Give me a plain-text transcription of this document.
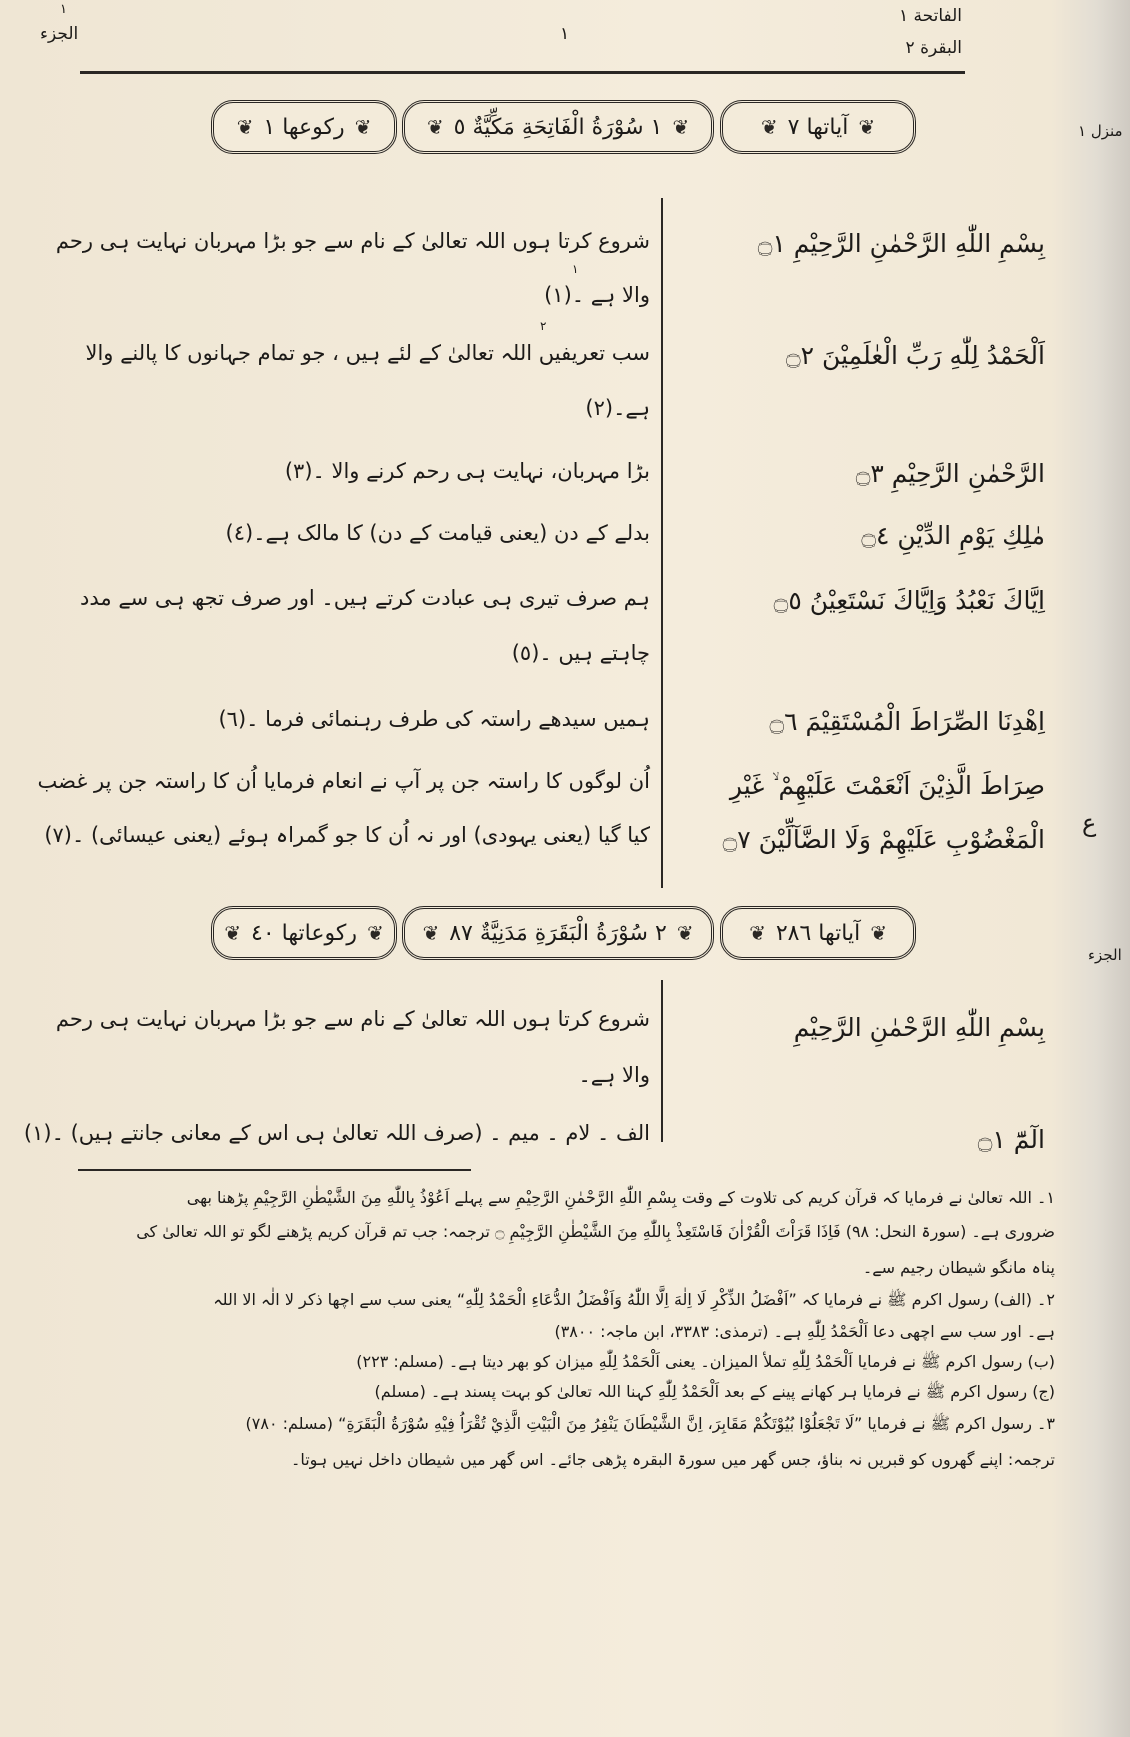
الفاتحة ١
البقرة ٢
١
١
الجزء
منزل ١
ع
الجزء
❦
آیاتها ٧
❦
❦
١ سُوْرَةُ الْفَاتِحَةِ مَكِّيَّةٌ ٥
❦
❦
رکوعها ١
❦
بِسْمِ اللّٰهِ الرَّحْمٰنِ الرَّحِيْمِ ۝١
شروع کرتا ہوں اللہ تعالیٰ کے نام سے جو بڑا مہربان نہایت ہی رحم
١
والا ہے ۔(١)
٢
اَلْحَمْدُ لِلّٰهِ رَبِّ الْعٰلَمِيْنَ ۝٢
سب تعریفیں اللہ تعالیٰ کے لئے ہیں ، جو تمام جہانوں کا پالنے والا
ہے۔(٢)
الرَّحْمٰنِ الرَّحِيْمِ ۝٣
بڑا مہربان، نہایت ہی رحم کرنے والا ۔(٣)
مٰلِكِ يَوْمِ الدِّيْنِ ۝٤
بدلے کے دن (یعنی قیامت کے دن) کا مالک ہے۔(٤)
اِيَّاكَ نَعْبُدُ وَاِيَّاكَ نَسْتَعِيْنُ ۝٥
ہم صرف تیری ہی عبادت کرتے ہیں۔ اور صرف تجھ ہی سے مدد
چاہتے ہیں ۔(٥)
اِهْدِنَا الصِّرَاطَ الْمُسْتَقِيْمَ ۝٦
ہمیں سیدھے راستہ کی طرف رہنمائی فرما ۔(٦)
صِرَاطَ الَّذِيْنَ اَنْعَمْتَ عَلَيْهِمْ ۙ غَيْرِ
الْمَغْضُوْبِ عَلَيْهِمْ وَلَا الضَّآلِّيْنَ ۝٧
اُن لوگوں کا راستہ جن پر آپ نے انعام فرمایا اُن کا راستہ جن پر غضب
کیا گیا (یعنی یہودی) اور نہ اُن کا جو گمراہ ہوئے (یعنی عیسائی) ۔(٧)
❦
آیاتها ٢٨٦
❦
❦
٢ سُوْرَةُ الْبَقَرَةِ مَدَنِيَّةٌ ٨٧
❦
❦
رکوعاتها ٤٠
❦
بِسْمِ اللّٰهِ الرَّحْمٰنِ الرَّحِيْمِ
شروع کرتا ہوں اللہ تعالیٰ کے نام سے جو بڑا مہربان نہایت ہی رحم
والا ہے۔
الٓمّٓ ۝١
الف ۔ لام ۔ میم ۔ (صرف اللہ تعالیٰ ہی اس کے معانی جانتے ہیں) ۔(١)
١۔ اللہ تعالیٰ نے فرمایا کہ قرآن کریم کی تلاوت کے وقت بِسْمِ اللّٰهِ الرَّحْمٰنِ الرَّحِيْمِ سے پہلے اَعُوْذُ بِاللّٰهِ مِنَ الشَّيْطٰنِ الرَّجِيْمِ پڑھنا بھی
ضروری ہے۔ (سورۃ النحل: ٩٨) فَاِذَا قَرَاْتَ الْقُرْاٰنَ فَاسْتَعِذْ بِاللّٰهِ مِنَ الشَّيْطٰنِ الرَّجِيْمِ ۝ ترجمہ: جب تم قرآن کریم پڑھنے لگو تو اللہ تعالیٰ کی
پناہ مانگو شیطان رجیم سے۔
٢۔ (الف) رسول اکرم ﷺ نے فرمایا کہ ”اَفْضَلُ الذِّكْرِ لَا اِلٰهَ اِلَّا اللّٰهُ وَاَفْضَلُ الدُّعَاءِ الْحَمْدُ لِلّٰهِ“ یعنی سب سے اچھا ذکر لا الٰہ الا اللہ
ہے۔ اور سب سے اچھی دعا اَلْحَمْدُ لِلّٰهِ ہے۔ (ترمذی: ٣٣٨٣، ابن ماجہ: ٣٨٠٠)
(ب) رسول اکرم ﷺ نے فرمایا اَلْحَمْدُ لِلّٰهِ تملأ الميزان۔ یعنی اَلْحَمْدُ لِلّٰهِ میزان کو بھر دیتا ہے۔ (مسلم: ٢٢٣)
(ج) رسول اکرم ﷺ نے فرمایا ہر کھانے پینے کے بعد اَلْحَمْدُ لِلّٰهِ کہنا اللہ تعالیٰ کو بہت پسند ہے۔ (مسلم)
٣۔ رسول اکرم ﷺ نے فرمایا ”لَا تَجْعَلُوْا بُيُوْتَكُمْ مَقَابِرَ، اِنَّ الشَّيْطَانَ يَنْفِرُ مِنَ الْبَيْتِ الَّذِيْ تُقْرَاُ فِيْهِ سُوْرَةُ الْبَقَرَةِ“ (مسلم: ٧٨٠)
ترجمہ: اپنے گھروں کو قبریں نہ بناؤ، جس گھر میں سورۃ البقرہ پڑھی جائے۔ اس گھر میں شیطان داخل نہیں ہوتا۔
